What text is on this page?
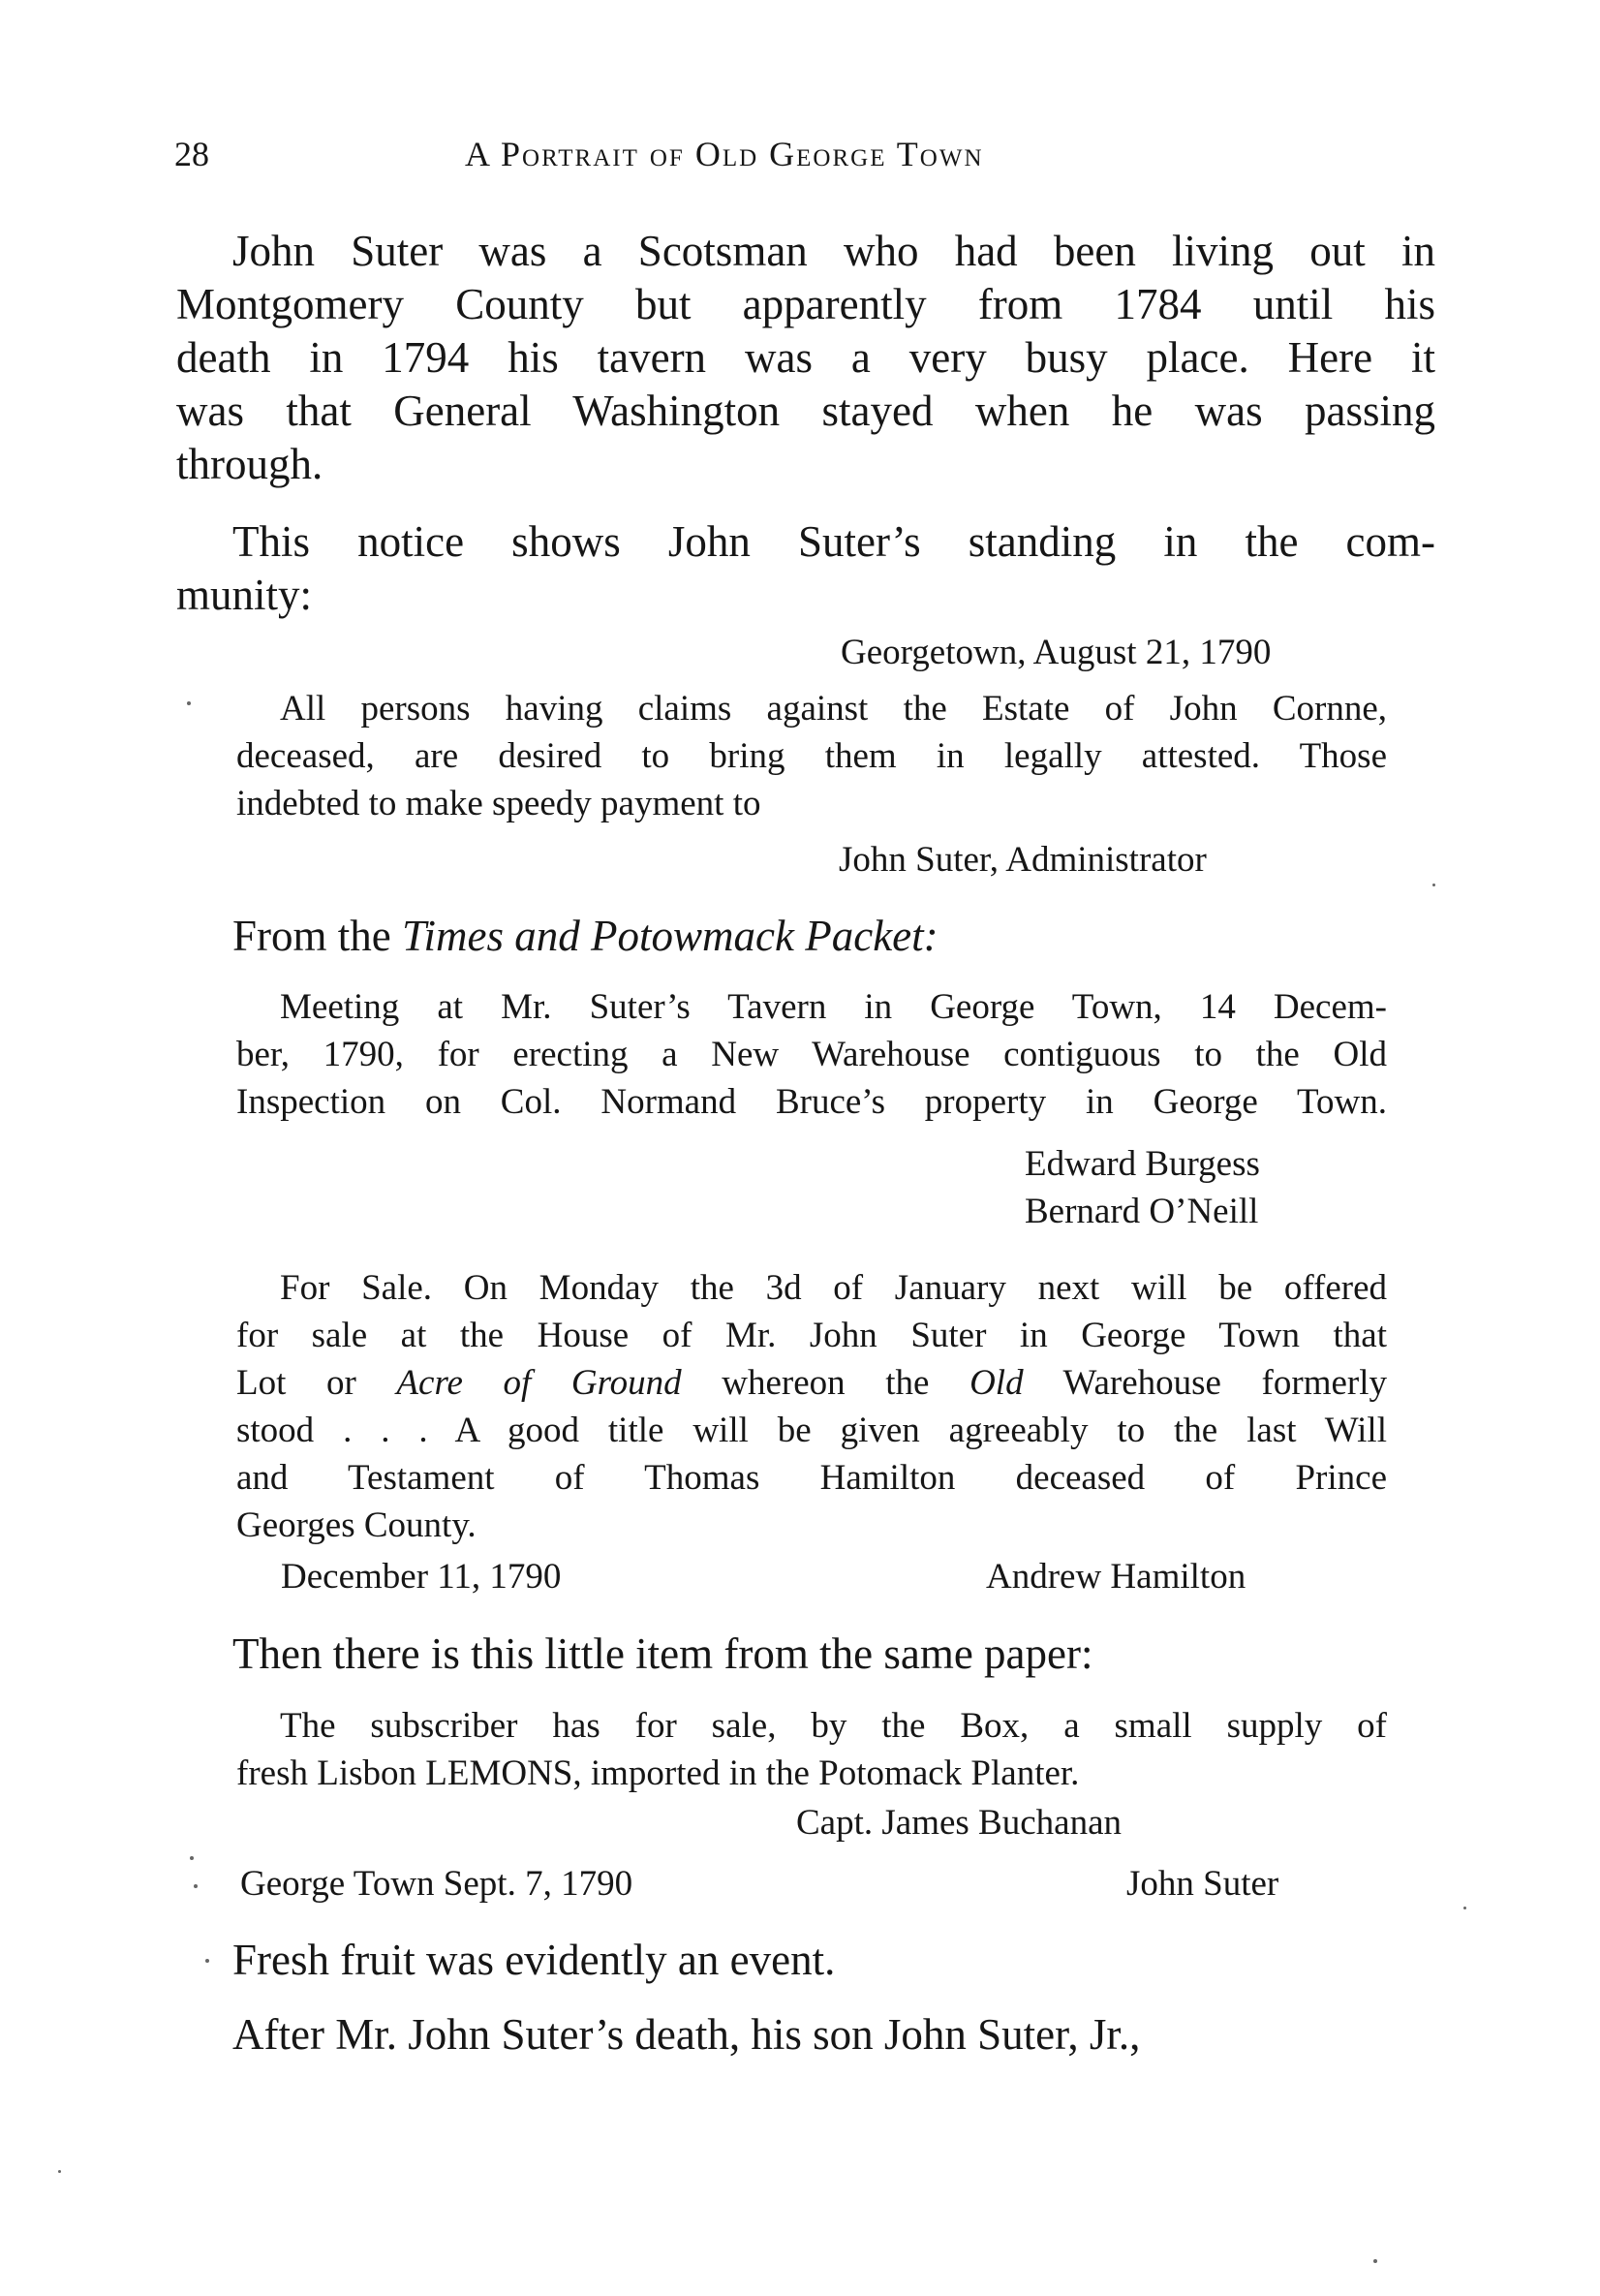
28	A Portrait of Old George Town
John Suter was a Scotsman who had been living out in
Montgomery County but apparently from 1784 until his
death in 1794 his tavern was a very busy place. Here it
was that General Washington stayed when he was passing
through.
This notice shows John Suter’s standing in the com-
munity:
Georgetown, August 21, 1790
All persons having claims against the Estate of John Cornne,
deceased, are desired to bring them in legally attested. Those
indebted to make speedy payment to
John Suter, Administrator
From the Times and Potowmack Packet:
Meeting at Mr. Suter’s Tavern in George Town, 14 Decem-
ber, 1790, for erecting a New Warehouse contiguous to the Old
Inspection on Col. Normand Bruce’s property in George Town.
Edward Burgess
Bernard O’Neill
For Sale. On Monday the 3d of January next will be offered
for sale at the House of Mr. John Suter in George Town that
Lot or Acre of Ground whereon the Old Warehouse formerly
stood . . . A good title will be given agreeably to the last Will
and Testament of Thomas Hamilton deceased of Prince
Georges County.
December 11, 1790	Andrew Hamilton
Then there is this little item from the same paper:
The subscriber has for sale, by the Box, a small supply of
fresh Lisbon LEMONS, imported in the Potomack Planter.
Capt. James Buchanan
George Town Sept. 7, 1790	John Suter
Fresh fruit was evidently an event.
After Mr. John Suter’s death, his son John Suter, Jr.,
